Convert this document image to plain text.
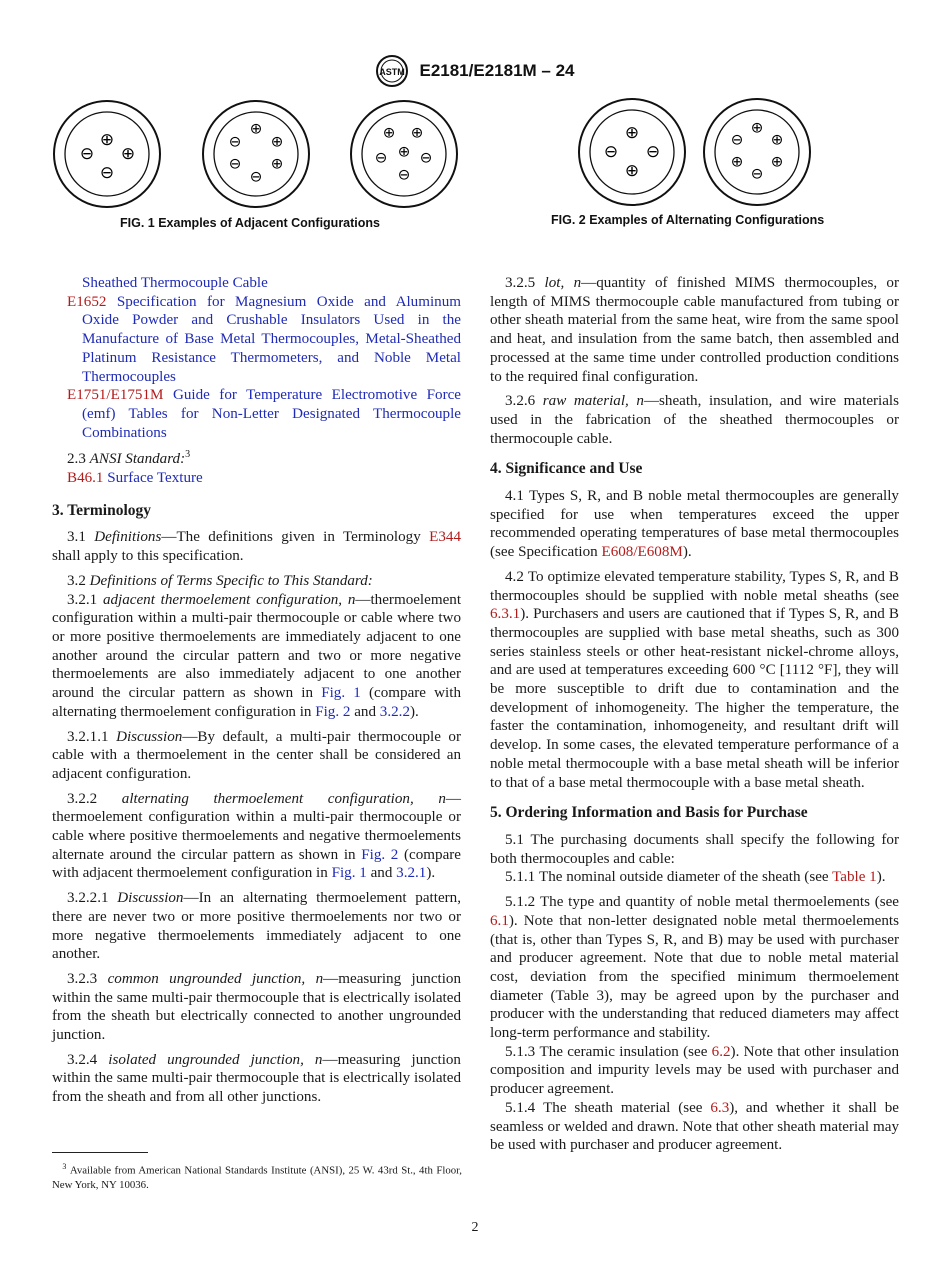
ASTM E2181/E2181M – 24
⊕
⊖ ⊕
⊖
⊕
⊖ ⊕
⊖ ⊕
⊖
⊕ ⊕
⊖ ⊕ ⊖
⊖
⊕
⊖ ⊖
⊕
⊕
⊖ ⊕
⊕ ⊕
⊖
FIG. 1 Examples of Adjacent Configurations	FIG. 2 Examples of Alternating Configurations

Sheathed Thermocouple Cable

E1652 Specification for Magnesium Oxide and Aluminum Oxide Powder and Crushable Insulators Used in the Manufacture of Base Metal Thermocouples, Metal-Sheathed Platinum Resistance Thermometers, and Noble Metal Thermocouples

E1751/E1751M Guide for Temperature Electromotive Force (emf) Tables for Non-Letter Designated Thermocouple Combinations

2.3 ANSI Standard:$^3$

B46.1 Surface Texture

3. Terminology

3.1 Definitions—The definitions given in Terminology E344 shall apply to this specification.

3.2 Definitions of Terms Specific to This Standard:

3.2.1 adjacent thermoelement configuration, n—thermoelement configuration within a multi-pair thermocouple or cable where two or more positive thermoelements are immediately adjacent to one another around the circular pattern and two or more negative thermoelements are also immediately adjacent to one another around the circular pattern as shown in Fig. 1 (compare with alternating thermoelement configuration in Fig. 2 and 3.2.2).

3.2.1.1 Discussion—By default, a multi-pair thermocouple or cable with a thermoelement in the center shall be considered an adjacent configuration.

3.2.2 alternating thermoelement configuration, n—thermoelement configuration within a multi-pair thermocouple or cable where positive thermoelements and negative thermoelements alternate around the circular pattern as shown in Fig. 2 (compare with adjacent thermoelement configuration in Fig. 1 and 3.2.1).

3.2.2.1 Discussion—In an alternating thermoelement pattern, there are never two or more positive thermoelements nor two or more negative thermoelements immediately adjacent to one another.

3.2.3 common ungrounded junction, n—measuring junction within the same multi-pair thermocouple that is electrically isolated from the sheath but electrically connected to another ungrounded junction.

3.2.4 isolated ungrounded junction, n—measuring junction within the same multi-pair thermocouple that is electrically isolated from the sheath and from all other junctions.

$^3$ Available from American National Standards Institute (ANSI), 25 W. 43rd St., 4th Floor, New York, NY 10036.

3.2.5 lot, n—quantity of finished MIMS thermocouples, or length of MIMS thermocouple cable manufactured from tubing or other sheath material from the same heat, wire from the same spool and heat, and insulation from the same batch, then assembled and processed at the same time under controlled production conditions to the required final configuration.

3.2.6 raw material, n—sheath, insulation, and wire materials used in the fabrication of the sheathed thermocouples or thermocouple cable.

4. Significance and Use

4.1 Types S, R, and B noble metal thermocouples are generally specified for use when temperatures exceed the upper recommended operating temperatures of base metal thermocouples (see Specification E608/E608M).

4.2 To optimize elevated temperature stability, Types S, R, and B thermocouples should be supplied with noble metal sheaths (see 6.3.1). Purchasers and users are cautioned that if Types S, R, and B thermocouples are supplied with base metal sheaths, such as 300 series stainless steels or other heat-resistant nickel-chrome alloys, and are used at temperatures exceeding 600 °C [1112 °F], they will be more susceptible to drift due to contamination and the development of inhomogeneity. The higher the temperature, the faster the contamination, inhomogeneity, and resultant drift will develop. In some cases, the elevated temperature performance of a noble metal thermocouple with a base metal sheath will be inferior to that of a base metal thermocouple with a base metal sheath.

5. Ordering Information and Basis for Purchase

5.1 The purchasing documents shall specify the following for both thermocouples and cable:

5.1.1 The nominal outside diameter of the sheath (see Table 1).

5.1.2 The type and quantity of noble metal thermoelements (see 6.1). Note that non-letter designated noble metal thermoelements (that is, other than Types S, R, and B) may be used with purchaser and producer agreement. Note that due to noble metal material cost, deviation from the specified minimum thermoelement diameter (Table 3), may be agreed upon by the purchaser and producer with the understanding that reduced diameters may affect long-term performance and stability.

5.1.3 The ceramic insulation (see 6.2). Note that other insulation composition and impurity levels may be used with purchaser and producer agreement.

5.1.4 The sheath material (see 6.3), and whether it shall be seamless or welded and drawn. Note that other sheath material may be used with purchaser and producer agreement.

2
